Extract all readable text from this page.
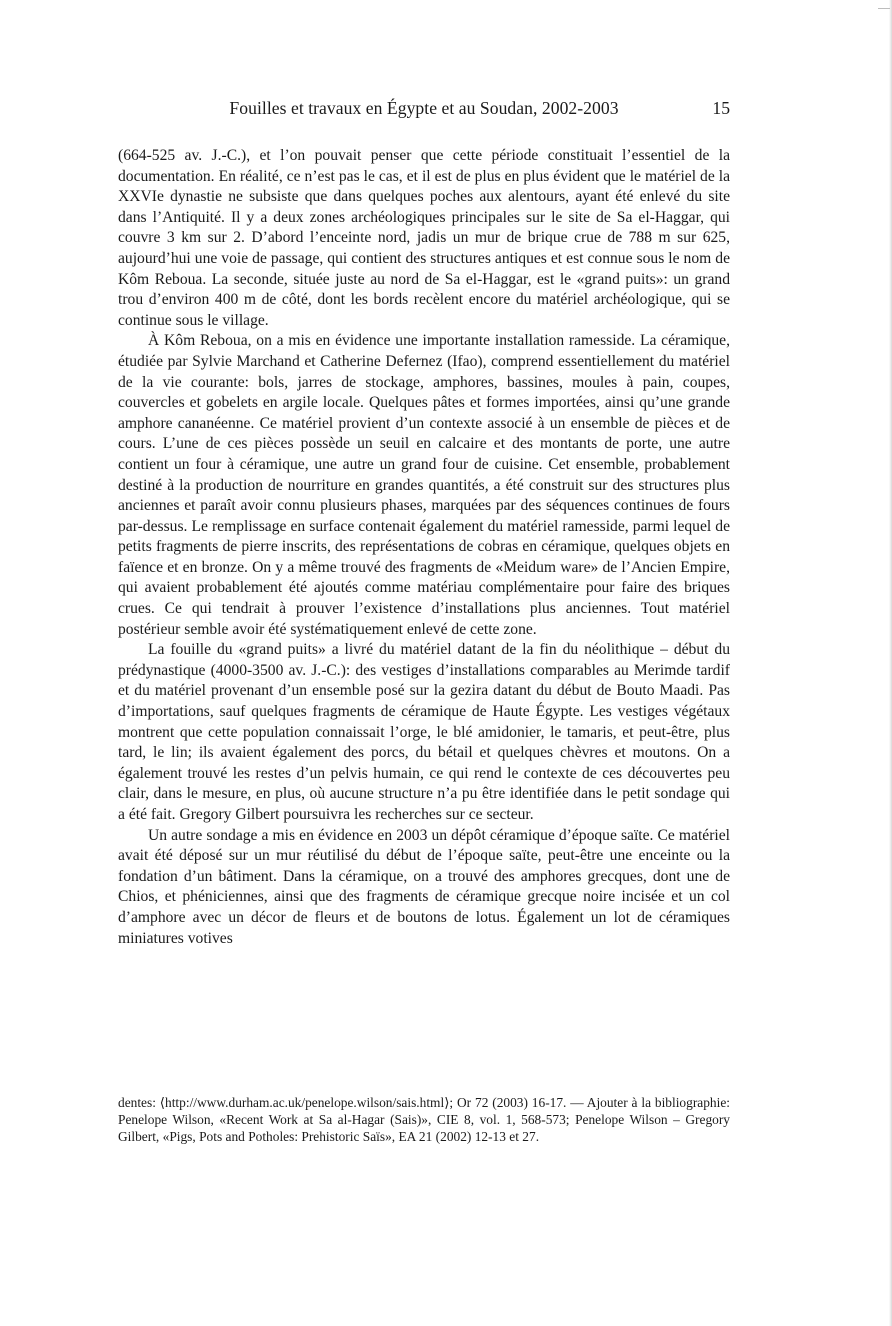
Fouilles et travaux en Égypte et au Soudan, 2002-2003	15

(664-525 av. J.-C.), et l’on pouvait penser que cette période constituait l’essentiel de la documentation. En réalité, ce n’est pas le cas, et il est de plus en plus évident que le matériel de la XXVIe dynastie ne subsiste que dans quelques poches aux alentours, ayant été enlevé du site dans l’Antiquité. Il y a deux zones archéologiques principales sur le site de Sa el-Haggar, qui couvre 3 km sur 2. D’abord l’enceinte nord, jadis un mur de brique crue de 788 m sur 625, aujourd’hui une voie de passage, qui contient des structures antiques et est connue sous le nom de Kôm Reboua. La seconde, située juste au nord de Sa el-Haggar, est le «grand puits»: un grand trou d’environ 400 m de côté, dont les bords recèlent encore du matériel archéologique, qui se continue sous le village.

À Kôm Reboua, on a mis en évidence une importante installation ramesside. La céramique, étudiée par Sylvie Marchand et Catherine Defernez (Ifao), comprend essentiellement du matériel de la vie courante: bols, jarres de stockage, amphores, bassines, moules à pain, coupes, couvercles et gobelets en argile locale. Quelques pâtes et formes importées, ainsi qu’une grande amphore cananéenne. Ce matériel provient d’un contexte associé à un ensemble de pièces et de cours. L’une de ces pièces possède un seuil en calcaire et des montants de porte, une autre contient un four à céramique, une autre un grand four de cuisine. Cet ensemble, probablement destiné à la production de nourriture en grandes quantités, a été construit sur des structures plus anciennes et paraît avoir connu plusieurs phases, marquées par des séquences continues de fours par-dessus. Le remplissage en surface contenait également du matériel ramesside, parmi lequel de petits fragments de pierre inscrits, des représentations de cobras en céramique, quelques objets en faïence et en bronze. On y a même trouvé des fragments de «Meidum ware» de l’Ancien Empire, qui avaient probablement été ajoutés comme matériau complémentaire pour faire des briques crues. Ce qui tendrait à prouver l’existence d’installations plus anciennes. Tout matériel postérieur semble avoir été systématiquement enlevé de cette zone.

La fouille du «grand puits» a livré du matériel datant de la fin du néolithique – début du prédynastique (4000-3500 av. J.-C.): des vestiges d’installations comparables au Merimde tardif et du matériel provenant d’un ensemble posé sur la gezira datant du début de Bouto Maadi. Pas d’importations, sauf quelques fragments de céramique de Haute Égypte. Les vestiges végétaux montrent que cette population connaissait l’orge, le blé amidonier, le tamaris, et peut-être, plus tard, le lin; ils avaient également des porcs, du bétail et quelques chèvres et moutons. On a également trouvé les restes d’un pelvis humain, ce qui rend le contexte de ces découvertes peu clair, dans le mesure, en plus, où aucune structure n’a pu être identifiée dans le petit sondage qui a été fait. Gregory Gilbert poursuivra les recherches sur ce secteur.

Un autre sondage a mis en évidence en 2003 un dépôt céramique d’époque saïte. Ce matériel avait été déposé sur un mur réutilisé du début de l’époque saïte, peut-être une enceinte ou la fondation d’un bâtiment. Dans la céramique, on a trouvé des amphores grecques, dont une de Chios, et phéniciennes, ainsi que des fragments de céramique grecque noire incisée et un col d’amphore avec un décor de fleurs et de boutons de lotus. Également un lot de céramiques miniatures votives

dentes: ⟨http://www.durham.ac.uk/penelope.wilson/sais.html⟩; Or 72 (2003) 16-17. — Ajouter à la bibliographie: Penelope Wilson, «Recent Work at Sa al-Hagar (Sais)», CIE 8, vol. 1, 568-573; Penelope Wilson – Gregory Gilbert, «Pigs, Pots and Potholes: Prehistoric Saïs», EA 21 (2002) 12-13 et 27.
